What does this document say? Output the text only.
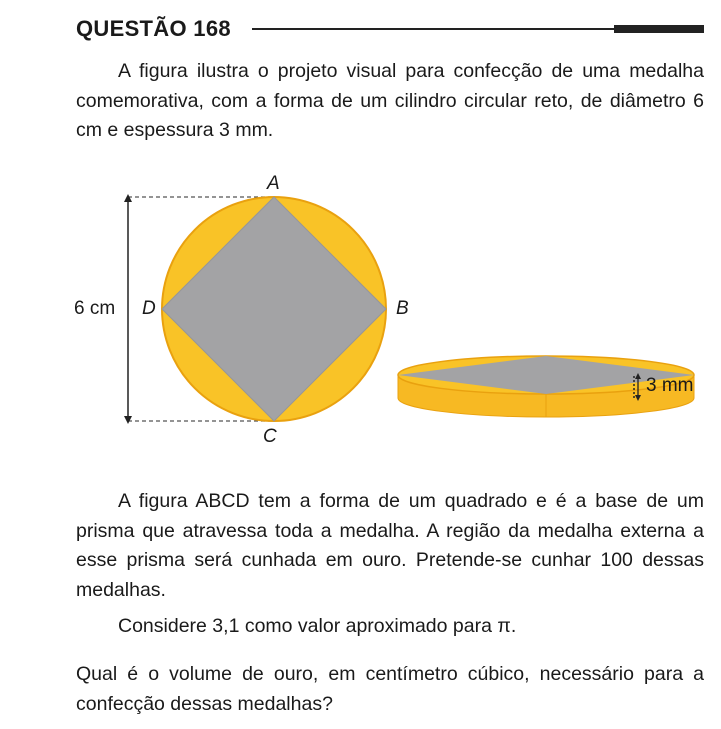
QUESTÃO 168

A figura ilustra o projeto visual para confecção de uma medalha comemorativa, com a forma de um cilindro circular reto, de diâmetro 6 cm e espessura 3 mm.

A
B
C
D
6 cm
3 mm

A figura ABCD tem a forma de um quadrado e é a base de um prisma que atravessa toda a medalha. A região da medalha externa a esse prisma será cunhada em ouro. Pretende-se cunhar 100 dessas medalhas.

Considere 3,1 como valor aproximado para π.

Qual é o volume de ouro, em centímetro cúbico, necessário para a confecção dessas medalhas?
